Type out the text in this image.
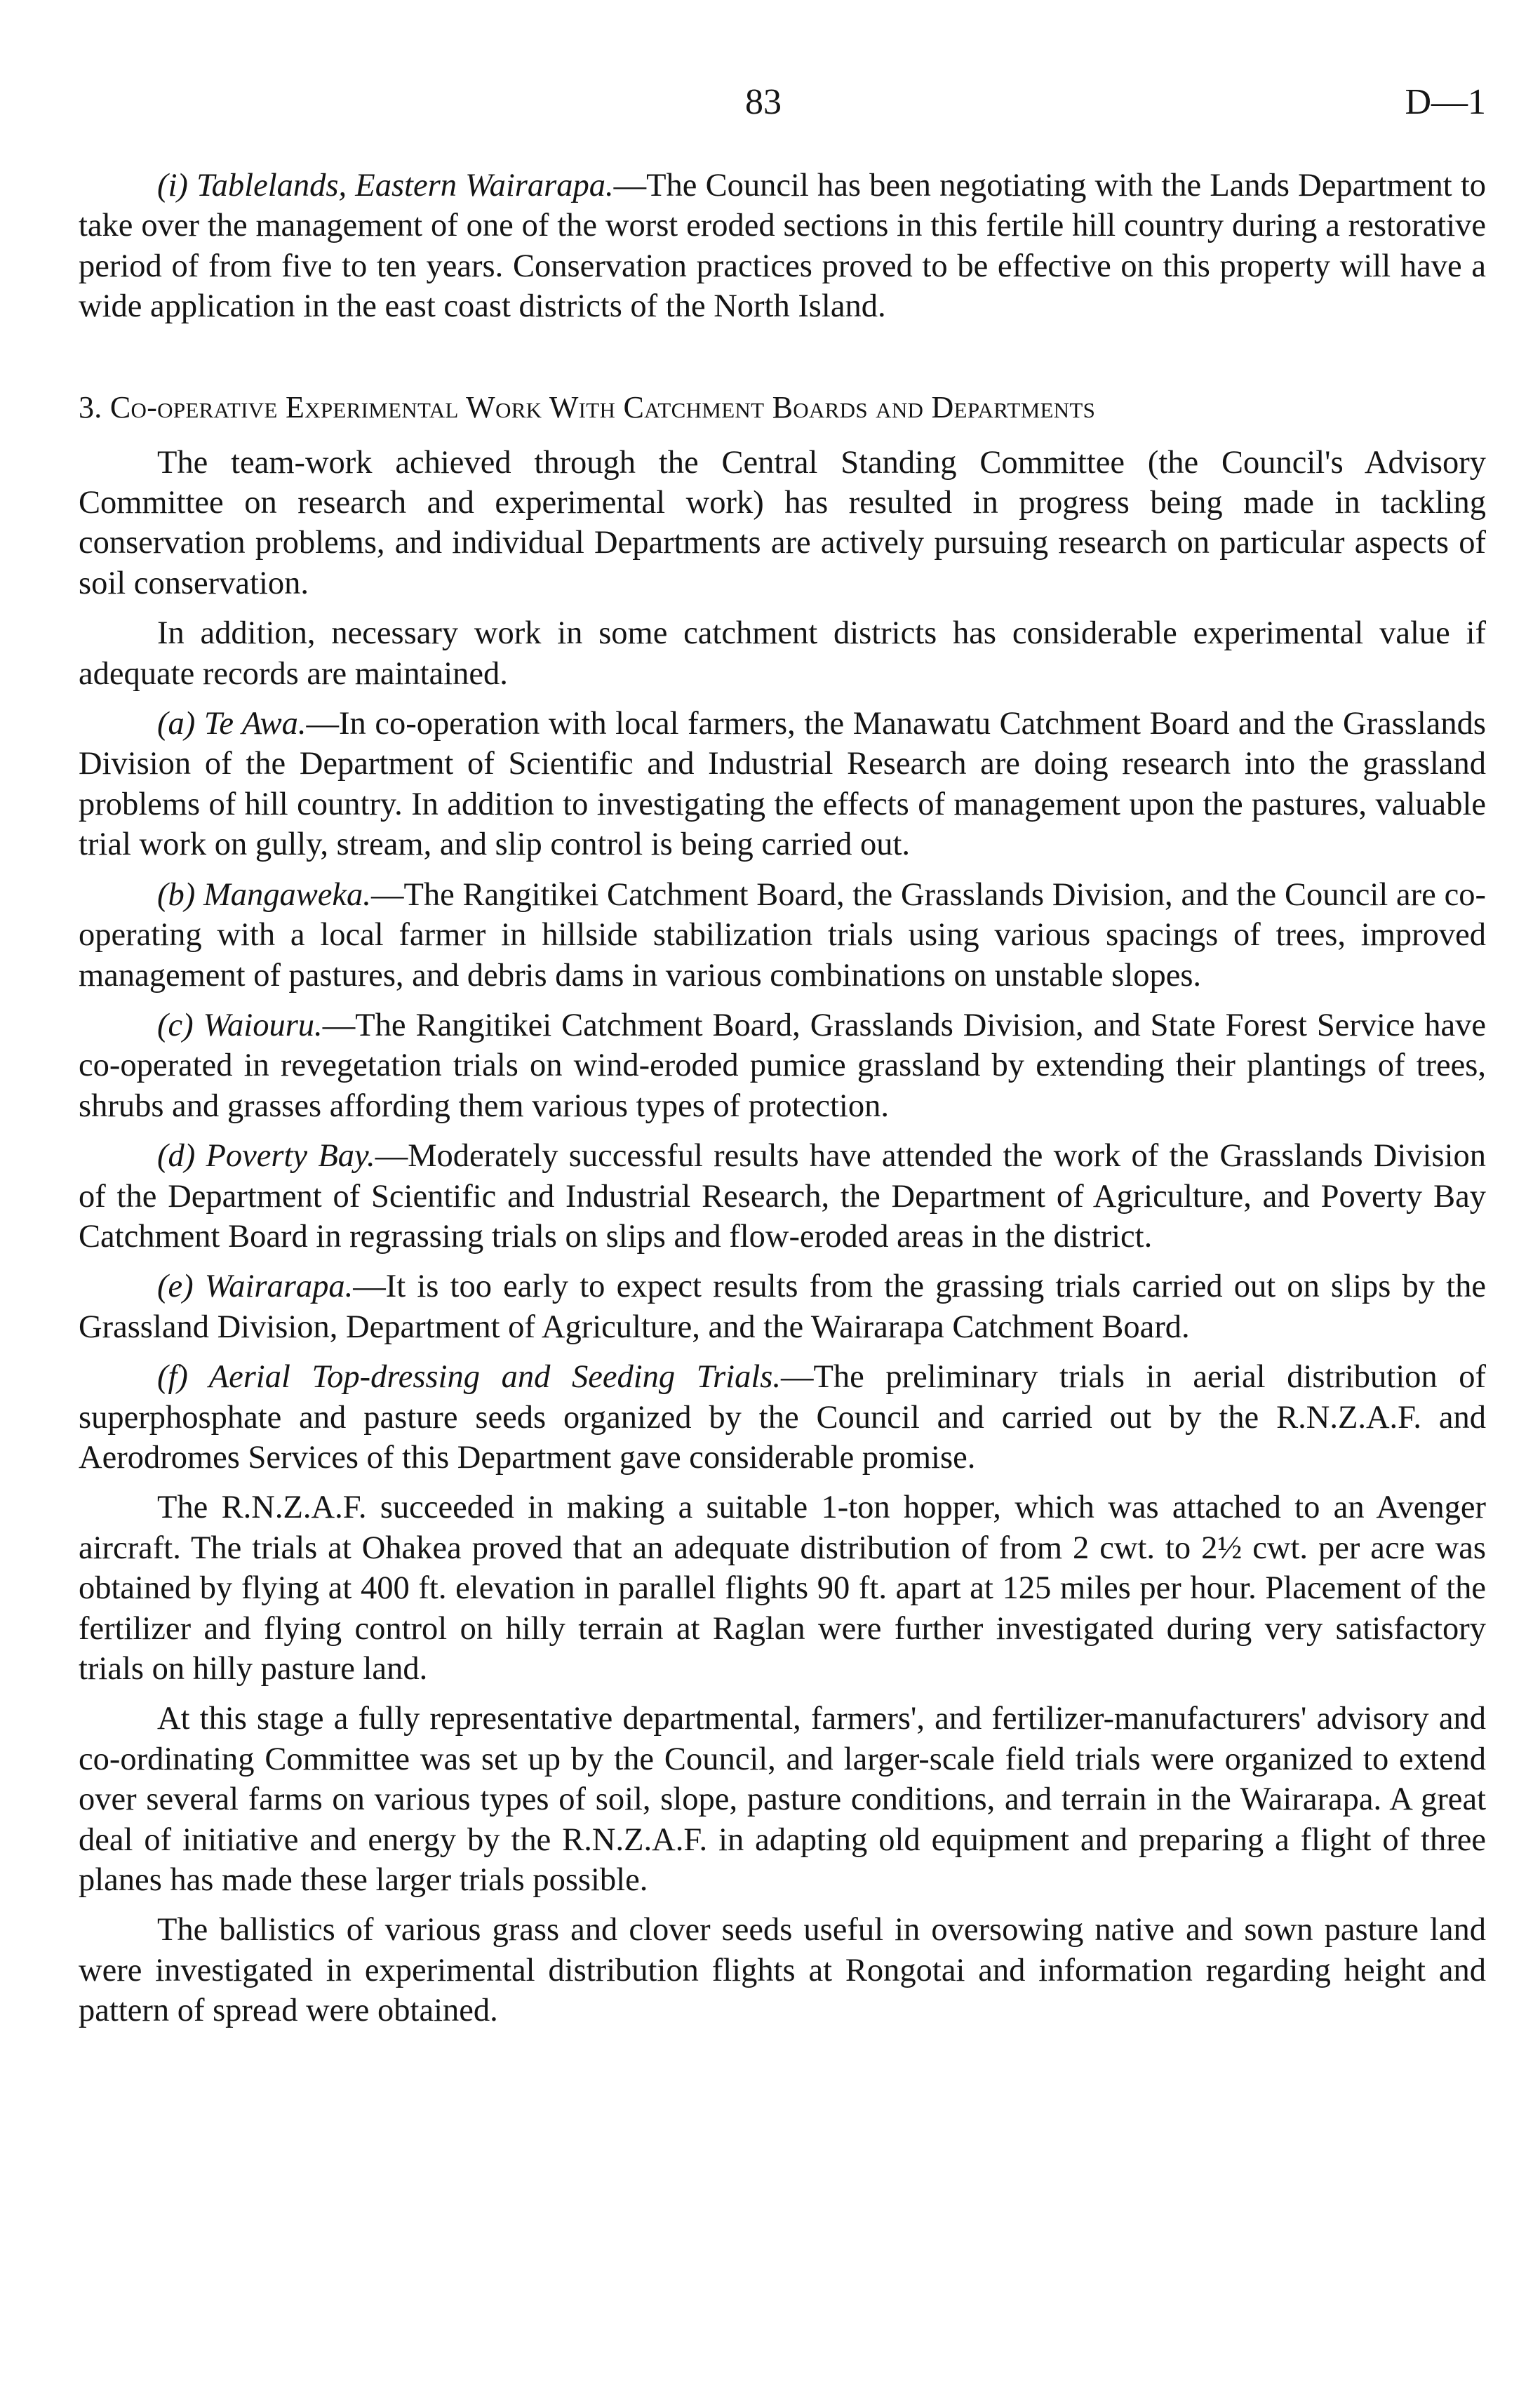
83	D—1

(i) Tablelands, Eastern Wairarapa.—The Council has been negotiating with the Lands Department to take over the management of one of the worst eroded sections in this fertile hill country during a restorative period of from five to ten years. Conservation practices proved to be effective on this property will have a wide application in the east coast districts of the North Island.

3. Co-operative Experimental Work With Catchment Boards and Departments

The team-work achieved through the Central Standing Committee (the Council's Advisory Committee on research and experimental work) has resulted in progress being made in tackling conservation problems, and individual Departments are actively pursuing research on particular aspects of soil conservation.

In addition, necessary work in some catchment districts has considerable experimental value if adequate records are maintained.

(a) Te Awa.—In co-operation with local farmers, the Manawatu Catchment Board and the Grasslands Division of the Department of Scientific and Industrial Research are doing research into the grassland problems of hill country. In addition to investigating the effects of management upon the pastures, valuable trial work on gully, stream, and slip control is being carried out.

(b) Mangaweka.—The Rangitikei Catchment Board, the Grasslands Division, and the Council are co-operating with a local farmer in hillside stabilization trials using various spacings of trees, improved management of pastures, and debris dams in various combinations on unstable slopes.

(c) Waiouru.—The Rangitikei Catchment Board, Grasslands Division, and State Forest Service have co-operated in revegetation trials on wind-eroded pumice grassland by extending their plantings of trees, shrubs and grasses affording them various types of protection.

(d) Poverty Bay.—Moderately successful results have attended the work of the Grasslands Division of the Department of Scientific and Industrial Research, the Department of Agriculture, and Poverty Bay Catchment Board in regrassing trials on slips and flow-eroded areas in the district.

(e) Wairarapa.—It is too early to expect results from the grassing trials carried out on slips by the Grassland Division, Department of Agriculture, and the Wairarapa Catchment Board.

(f) Aerial Top-dressing and Seeding Trials.—The preliminary trials in aerial distribution of superphosphate and pasture seeds organized by the Council and carried out by the R.N.Z.A.F. and Aerodromes Services of this Department gave considerable promise.

The R.N.Z.A.F. succeeded in making a suitable 1-ton hopper, which was attached to an Avenger aircraft. The trials at Ohakea proved that an adequate distribution of from 2 cwt. to 2½ cwt. per acre was obtained by flying at 400 ft. elevation in parallel flights 90 ft. apart at 125 miles per hour. Placement of the fertilizer and flying control on hilly terrain at Raglan were further investigated during very satisfactory trials on hilly pasture land.

At this stage a fully representative departmental, farmers', and fertilizer-manufacturers' advisory and co-ordinating Committee was set up by the Council, and larger-scale field trials were organized to extend over several farms on various types of soil, slope, pasture conditions, and terrain in the Wairarapa. A great deal of initiative and energy by the R.N.Z.A.F. in adapting old equipment and preparing a flight of three planes has made these larger trials possible.

The ballistics of various grass and clover seeds useful in oversowing native and sown pasture land were investigated in experimental distribution flights at Rongotai and information regarding height and pattern of spread were obtained.
